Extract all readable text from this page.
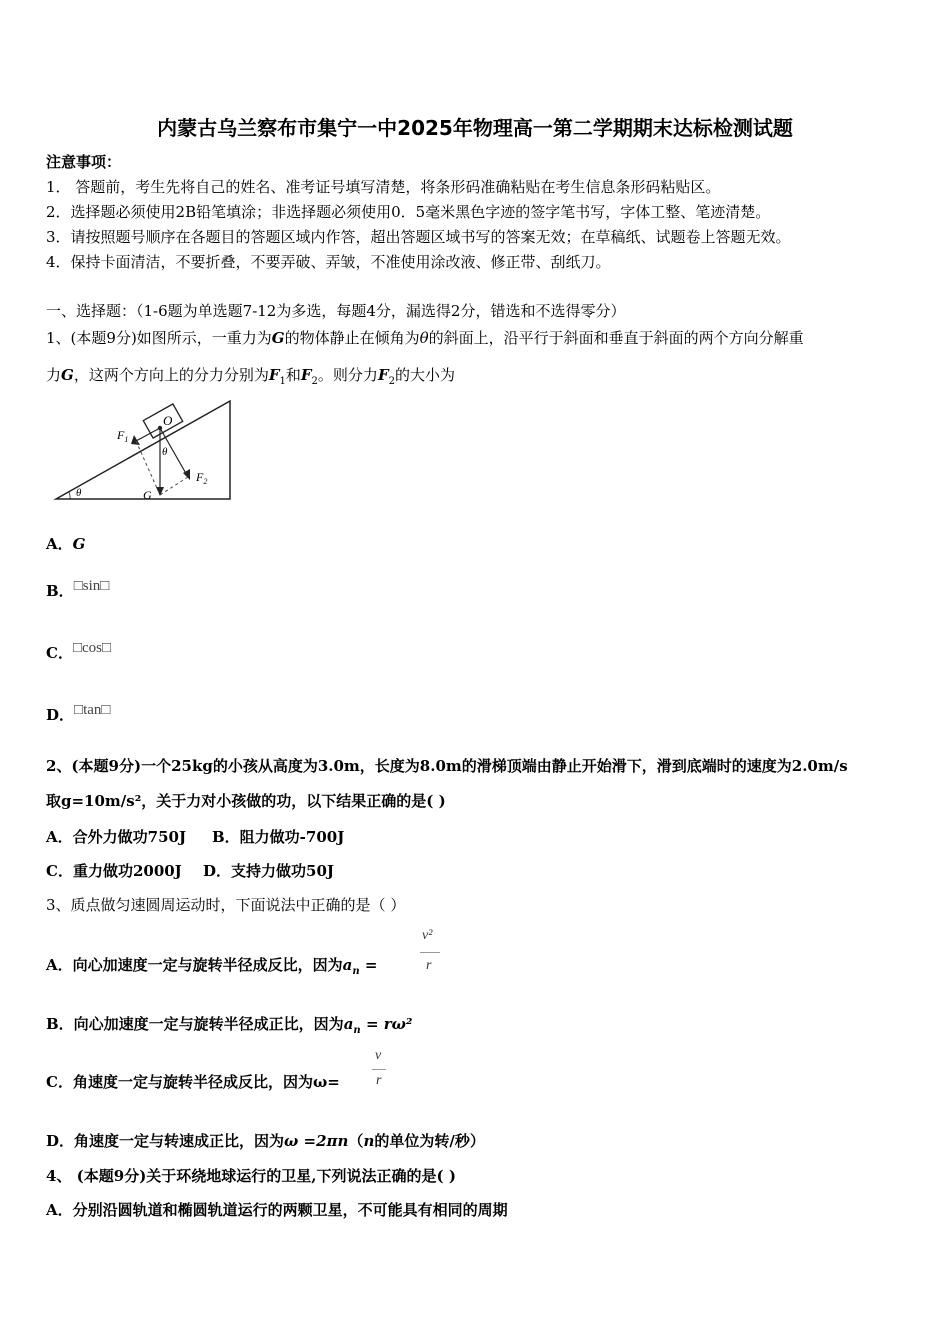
内蒙古乌兰察布市集宁一中2025年物理高一第二学期期末达标检测试题
注意事项：
1． 答题前，考生先将自己的姓名、准考证号填写清楚，将条形码准确粘贴在考生信息条形码粘贴区。
2．选择题必须使用2B铅笔填涂；非选择题必须使用0．5毫米黑色字迹的签字笔书写，字体工整、笔迹清楚。
3．请按照题号顺序在各题目的答题区域内作答，超出答题区域书写的答案无效；在草稿纸、试题卷上答题无效。
4．保持卡面清洁，不要折叠，不要弄破、弄皱，不准使用涂改液、修正带、刮纸刀。
一、选择题：（1-6题为单选题7-12为多选，每题4分，漏选得2分，错选和不选得零分）
1、(本题9分)如图所示，一重力为G的物体静止在倾角为θ的斜面上，沿平行于斜面和垂直于斜面的两个方向分解重
力G，这两个方向上的分力分别为$F_1$和$F_2$。则分力$F_2$的大小为
$F_1$
$F_2$
O
θ
θ	G
A．G
B．□sin□
C．□cos□
D．□tan□
2、(本题9分)一个25kg的小孩从高度为3.0m，长度为8.0m的滑梯顶端由静止开始滑下，滑到底端时的速度为2.0m/s
取g=10m/s²，关于力对小孩做的功，以下结果正确的是( )
A．合外力做功750J B．阻力做功-700J
C．重力做功2000J D．支持力做功50J
3、质点做匀速圆周运动时，下面说法中正确的是（ ）
A．向心加速度一定与旋转半径成反比，因为$a_n$ =
v²
r
B．向心加速度一定与旋转半径成正比，因为$a_n = r\omega^2$
C．角速度一定与旋转半径成反比，因为ω=
v
r
D．角速度一定与转速成正比，因为ω =2πn（n的单位为转/秒）
4、 (本题9分)关于环绕地球运行的卫星,下列说法正确的是( )
A．分别沿圆轨道和椭圆轨道运行的两颗卫星，不可能具有相同的周期
